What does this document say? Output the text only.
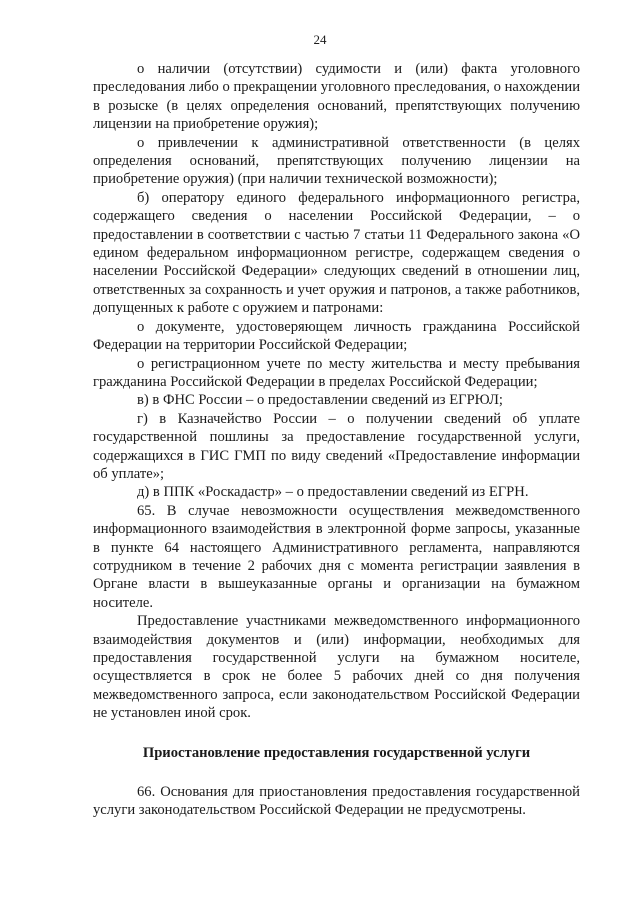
24

о наличии (отсутствии) судимости и (или) факта уголовного преследования либо о прекращении уголовного преследования, о нахождении в розыске (в целях определения оснований, препятствующих получению лицензии на приобретение оружия);

о привлечении к административной ответственности (в целях определения оснований, препятствующих получению лицензии на приобретение оружия) (при наличии технической возможности);

б) оператору единого федерального информационного регистра, содержащего сведения о населении Российской Федерации, – о предоставлении в соответствии с частью 7 статьи 11 Федерального закона «О едином федеральном информационном регистре, содержащем сведения о населении Российской Федерации» следующих сведений в отношении лиц, ответственных за сохранность и учет оружия и патронов, а также работников, допущенных к работе с оружием и патронами:

о документе, удостоверяющем личность гражданина Российской Федерации на территории Российской Федерации;

о регистрационном учете по месту жительства и месту пребывания гражданина Российской Федерации в пределах Российской Федерации;

в) в ФНС России – о предоставлении сведений из ЕГРЮЛ;

г) в Казначейство России – о получении сведений об уплате государственной пошлины за предоставление государственной услуги, содержащихся в ГИС ГМП по виду сведений «Предоставление информации об уплате»;

д) в ППК «Роскадастр» – о предоставлении сведений из ЕГРН.

65. В случае невозможности осуществления межведомственного информационного взаимодействия в электронной форме запросы, указанные в пункте 64 настоящего Административного регламента, направляются сотрудником в течение 2 рабочих дня с момента регистрации заявления в Органе власти в вышеуказанные органы и организации на бумажном носителе.

Предоставление участниками межведомственного информационного взаимодействия документов и (или) информации, необходимых для предоставления государственной услуги на бумажном носителе, осуществляется в срок не более 5 рабочих дней со дня получения межведомственного запроса, если законодательством Российской Федерации не установлен иной срок.

Приостановление предоставления государственной услуги

66. Основания для приостановления предоставления государственной услуги законодательством Российской Федерации не предусмотрены.
